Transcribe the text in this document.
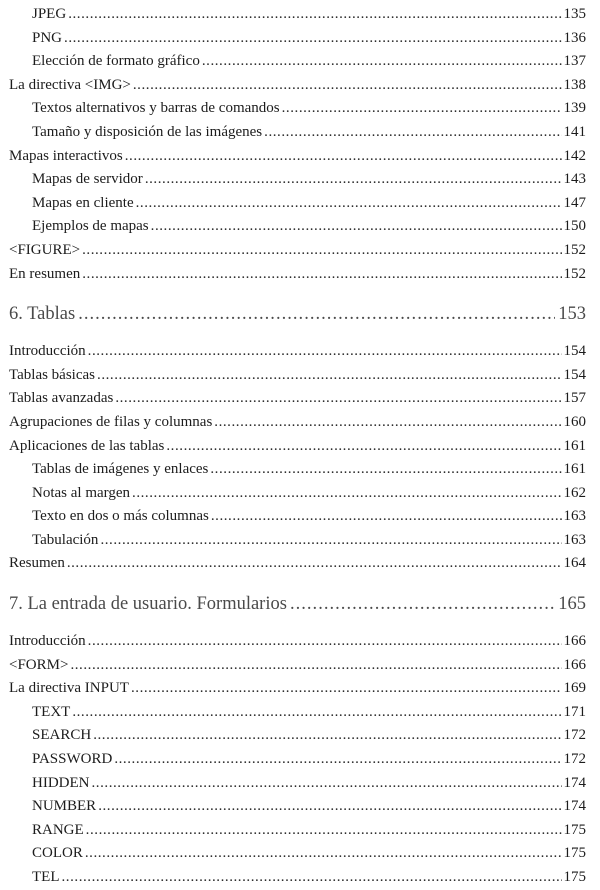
JPEG . . .	135
PNG . . .	136
Elección de formato gráfico . . .	137
La directiva <IMG> . . .	138
Textos alternativos y barras de comandos . . .	139
Tamaño y disposición de las imágenes . . .	141
Mapas interactivos . . .	142
Mapas de servidor . . .	143
Mapas en cliente . . .	147
Ejemplos de mapas . . .	150
<FIGURE> . . .	152
En resumen . . .	152
6. Tablas . . .	153
Introducción . . .	154
Tablas básicas . . .	154
Tablas avanzadas . . .	157
Agrupaciones de filas y columnas . . .	160
Aplicaciones de las tablas . . .	161
Tablas de imágenes y enlaces . . .	161
Notas al margen . . .	162
Texto en dos o más columnas . . .	163
Tabulación . . .	163
Resumen . . .	164
7. La entrada de usuario. Formularios . . .	165
Introducción . . .	166
<FORM> . . .	166
La directiva INPUT . . .	169
TEXT . . .	171
SEARCH . . .	172
PASSWORD . . .	172
HIDDEN . . .	174
NUMBER . . .	174
RANGE . . .	175
COLOR . . .	175
TEL . . .	175
